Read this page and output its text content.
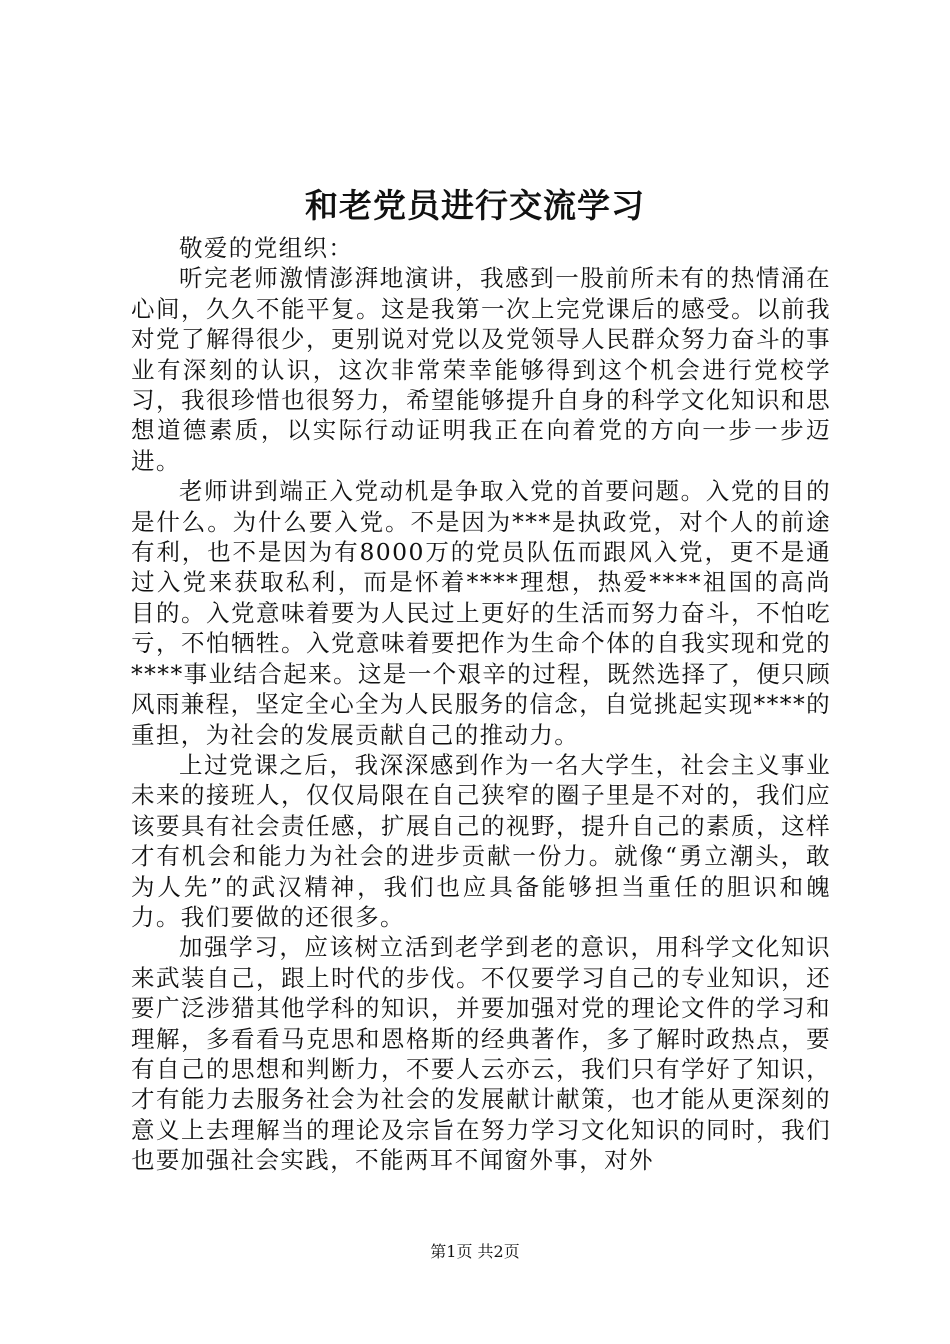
和老党员进行交流学习

敬爱的党组织：

听完老师激情澎湃地演讲，我感到一股前所未有的热情涌在心间，久久不能平复。这是我第一次上完党课后的感受。以前我对党了解得很少，更别说对党以及党领导人民群众努力奋斗的事业有深刻的认识，这次非常荣幸能够得到这个机会进行党校学习，我很珍惜也很努力，希望能够提升自身的科学文化知识和思想道德素质，以实际行动证明我正在向着党的方向一步一步迈进。

老师讲到端正入党动机是争取入党的首要问题。入党的目的是什么。为什么要入党。不是因为***是执政党，对个人的前途有利，也不是因为有8000万的党员队伍而跟风入党，更不是通过入党来获取私利，而是怀着****理想，热爱****祖国的高尚目的。入党意味着要为人民过上更好的生活而努力奋斗，不怕吃亏，不怕牺牲。入党意味着要把作为生命个体的自我实现和党的****事业结合起来。这是一个艰辛的过程，既然选择了，便只顾风雨兼程，坚定全心全为人民服务的信念，自觉挑起实现****的重担，为社会的发展贡献自己的推动力。

上过党课之后，我深深感到作为一名大学生，社会主义事业未来的接班人，仅仅局限在自己狭窄的圈子里是不对的，我们应该要具有社会责任感，扩展自己的视野，提升自己的素质，这样才有机会和能力为社会的进步贡献一份力。就像“勇立潮头，敢为人先”的武汉精神，我们也应具备能够担当重任的胆识和魄力。我们要做的还很多。

加强学习，应该树立活到老学到老的意识，用科学文化知识来武装自己，跟上时代的步伐。不仅要学习自己的专业知识，还要广泛涉猎其他学科的知识，并要加强对党的理论文件的学习和理解，多看看马克思和恩格斯的经典著作，多了解时政热点，要有自己的思想和判断力，不要人云亦云，我们只有学好了知识，才有能力去服务社会为社会的发展献计献策，也才能从更深刻的意义上去理解当的理论及宗旨在努力学习文化知识的同时，我们也要加强社会实践，不能两耳不闻窗外事，对外

第1页 共2页
